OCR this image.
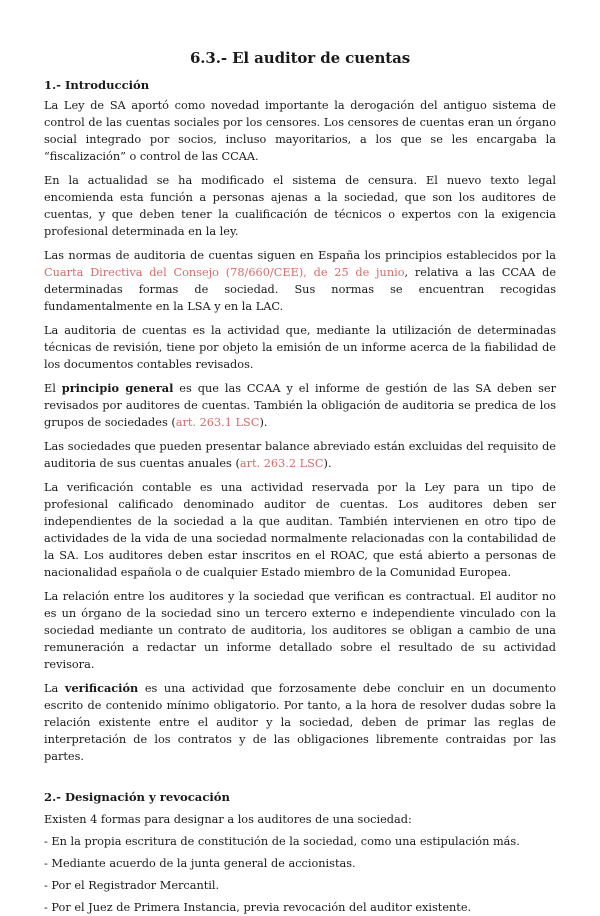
6.3.- El auditor de cuentas
1.- Introducción

La Ley de SA aportó como novedad importante la derogación del antiguo sistema de control de las cuentas sociales por los censores. Los censores de cuentas eran un órgano social integrado por socios, incluso mayoritarios, a los que se les encargaba la “fiscalización” o control de las CCAA.

En la actualidad se ha modificado el sistema de censura. El nuevo texto legal encomienda esta función a personas ajenas a la sociedad, que son los auditores de cuentas, y que deben tener la cualificación de técnicos o expertos con la exigencia profesional determinada en la ley.

Las normas de auditoria de cuentas siguen en España los principios establecidos por la Cuarta Directiva del Consejo (78/660/CEE), de 25 de junio, relativa a las CCAA de determinadas formas de sociedad. Sus normas se encuentran recogidas fundamentalmente en la LSA y en la LAC.

La auditoria de cuentas es la actividad que, mediante la utilización de determinadas técnicas de revisión, tiene por objeto la emisión de un informe acerca de la fiabilidad de los documentos contables revisados.

El principio general es que las CCAA y el informe de gestión de las SA deben ser revisados por auditores de cuentas. También la obligación de auditoria se predica de los grupos de sociedades (art. 263.1 LSC).

Las sociedades que pueden presentar balance abreviado están excluidas del requisito de auditoria de sus cuentas anuales (art. 263.2 LSC).

La verificación contable es una actividad reservada por la Ley para un tipo de profesional calificado denominado auditor de cuentas. Los auditores deben ser independientes de la sociedad a la que auditan. También intervienen en otro tipo de actividades de la vida de una sociedad normalmente relacionadas con la contabilidad de la SA. Los auditores deben estar inscritos en el ROAC, que está abierto a personas de nacionalidad española o de cualquier Estado miembro de la Comunidad Europea.

La relación entre los auditores y la sociedad que verifican es contractual. El auditor no es un órgano de la sociedad sino un tercero externo e independiente vinculado con la sociedad mediante un contrato de auditoria, los auditores se obligan a cambio de una remuneración a redactar un informe detallado sobre el resultado de su actividad revisora.

La verificación es una actividad que forzosamente debe concluir en un documento escrito de contenido mínimo obligatorio. Por tanto, a la hora de resolver dudas sobre la relación existente entre el auditor y la sociedad, deben de primar las reglas de interpretación de los contratos y de las obligaciones libremente contraidas por las partes.

2.- Designación y revocación

Existen 4 formas para designar a los auditores de una sociedad:

- En la propia escritura de constitución de la sociedad, como una estipulación más.

- Mediante acuerdo de la junta general de accionistas.

- Por el Registrador Mercantil.

- Por el Juez de Primera Instancia, previa revocación del auditor existente.
